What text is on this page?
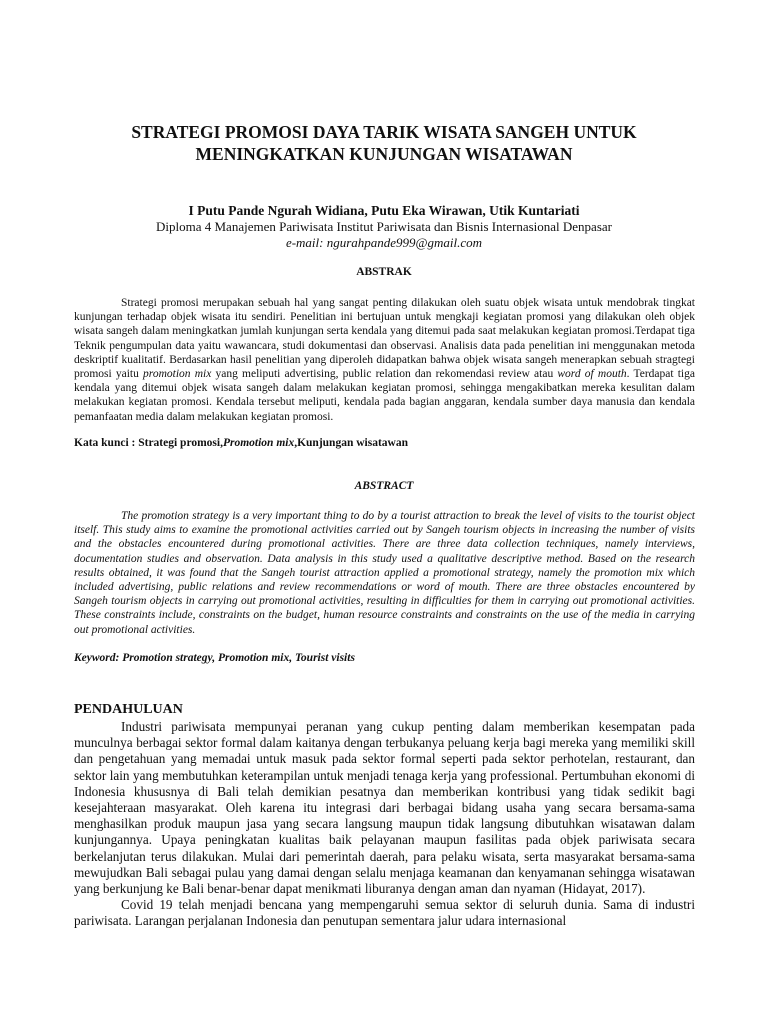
STRATEGI PROMOSI DAYA TARIK WISATA SANGEH UNTUK MENINGKATKAN KUNJUNGAN WISATAWAN
I Putu Pande Ngurah Widiana, Putu Eka Wirawan, Utik Kuntariati
Diploma 4 Manajemen Pariwisata Institut Pariwisata dan Bisnis Internasional Denpasar
e-mail: ngurahpande999@gmail.com
ABSTRAK

Strategi promosi merupakan sebuah hal yang sangat penting dilakukan oleh suatu objek wisata untuk mendobrak tingkat kunjungan terhadap objek wisata itu sendiri. Penelitian ini bertujuan untuk mengkaji kegiatan promosi yang dilakukan oleh objek wisata sangeh dalam meningkatkan jumlah kunjungan serta kendala yang ditemui pada saat melakukan kegiatan promosi.Terdapat tiga Teknik pengumpulan data yaitu wawancara, studi dokumentasi dan observasi. Analisis data pada penelitian ini menggunakan metoda deskriptif kualitatif. Berdasarkan hasil penelitian yang diperoleh didapatkan bahwa objek wisata sangeh menerapkan sebuah stragtegi promosi yaitu promotion mix yang meliputi advertising, public relation dan rekomendasi review atau word of mouth. Terdapat tiga kendala yang ditemui objek wisata sangeh dalam melakukan kegiatan promosi, sehingga mengakibatkan mereka kesulitan dalam melakukan kegiatan promosi. Kendala tersebut meliputi, kendala pada bagian anggaran, kendala sumber daya manusia dan kendala pemanfaatan media dalam melakukan kegiatan promosi.

Kata kunci : Strategi promosi,Promotion mix,Kunjungan wisatawan
ABSTRACT

The promotion strategy is a very important thing to do by a tourist attraction to break the level of visits to the tourist object itself. This study aims to examine the promotional activities carried out by Sangeh tourism objects in increasing the number of visits and the obstacles encountered during promotional activities. There are three data collection techniques, namely interviews, documentation studies and observation. Data analysis in this study used a qualitative descriptive method. Based on the research results obtained, it was found that the Sangeh tourist attraction applied a promotional strategy, namely the promotion mix which included advertising, public relations and review recommendations or word of mouth. There are three obstacles encountered by Sangeh tourism objects in carrying out promotional activities, resulting in difficulties for them in carrying out promotional activities. These constraints include, constraints on the budget, human resource constraints and constraints on the use of the media in carrying out promotional activities.

Keyword: Promotion strategy, Promotion mix, Tourist visits
PENDAHULUAN

Industri pariwisata mempunyai peranan yang cukup penting dalam memberikan kesempatan pada munculnya berbagai sektor formal dalam kaitanya dengan terbukanya peluang kerja bagi mereka yang memiliki skill dan pengetahuan yang memadai untuk masuk pada sektor formal seperti pada sektor perhotelan, restaurant, dan sektor lain yang membutuhkan keterampilan untuk menjadi tenaga kerja yang professional. Pertumbuhan ekonomi di Indonesia khususnya di Bali telah demikian pesatnya dan memberikan kontribusi yang tidak sedikit bagi kesejahteraan masyarakat. Oleh karena itu integrasi dari berbagai bidang usaha yang secara bersama-sama menghasilkan produk maupun jasa yang secara langsung maupun tidak langsung dibutuhkan wisatawan dalam kunjungannya. Upaya peningkatan kualitas baik pelayanan maupun fasilitas pada objek pariwisata secara berkelanjutan terus dilakukan. Mulai dari pemerintah daerah, para pelaku wisata, serta masyarakat bersama-sama mewujudkan Bali sebagai pulau yang damai dengan selalu menjaga keamanan dan kenyamanan sehingga wisatawan yang berkunjung ke Bali benar-benar dapat menikmati liburanya dengan aman dan nyaman (Hidayat, 2017).

Covid 19 telah menjadi bencana yang mempengaruhi semua sektor di seluruh dunia. Sama di industri pariwisata. Larangan perjalanan Indonesia dan penutupan sementara jalur udara internasional
